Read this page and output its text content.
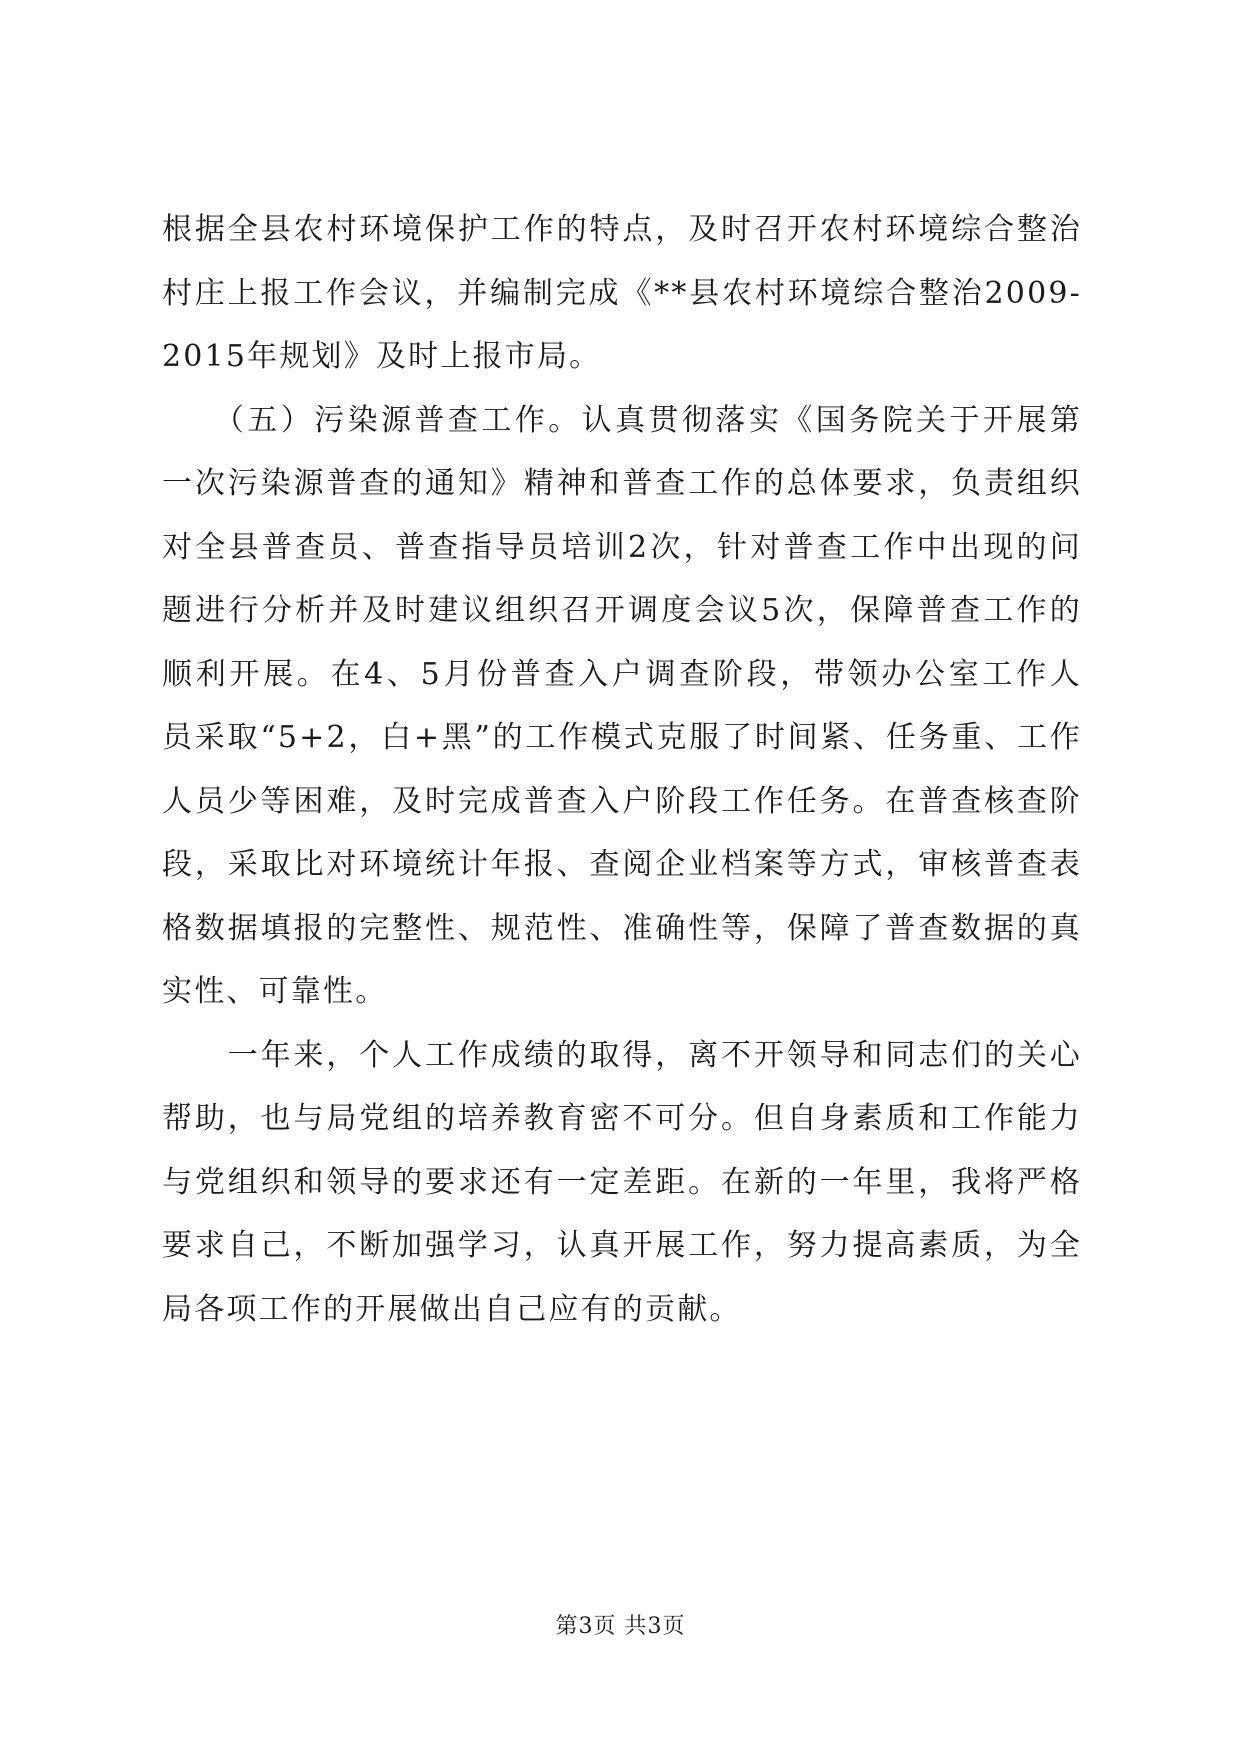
根据全县农村环境保护工作的特点，及时召开农村环境综合整治
村庄上报工作会议，并编制完成《**县农村环境综合整治2009-
2015年规划》及时上报市局。
　　（五）污染源普查工作。认真贯彻落实《国务院关于开展第
一次污染源普查的通知》精神和普查工作的总体要求，负责组织
对全县普查员、普查指导员培训2次，针对普查工作中出现的问
题进行分析并及时建议组织召开调度会议5次，保障普查工作的
顺利开展。在4、5月份普查入户调查阶段，带领办公室工作人
员采取“5+2，白+黑”的工作模式克服了时间紧、任务重、工作
人员少等困难，及时完成普查入户阶段工作任务。在普查核查阶
段，采取比对环境统计年报、查阅企业档案等方式，审核普查表
格数据填报的完整性、规范性、准确性等，保障了普查数据的真
实性、可靠性。
　　一年来，个人工作成绩的取得，离不开领导和同志们的关心
帮助，也与局党组的培养教育密不可分。但自身素质和工作能力
与党组织和领导的要求还有一定差距。在新的一年里，我将严格
要求自己，不断加强学习，认真开展工作，努力提高素质，为全
局各项工作的开展做出自己应有的贡献。
第3页 共3页
